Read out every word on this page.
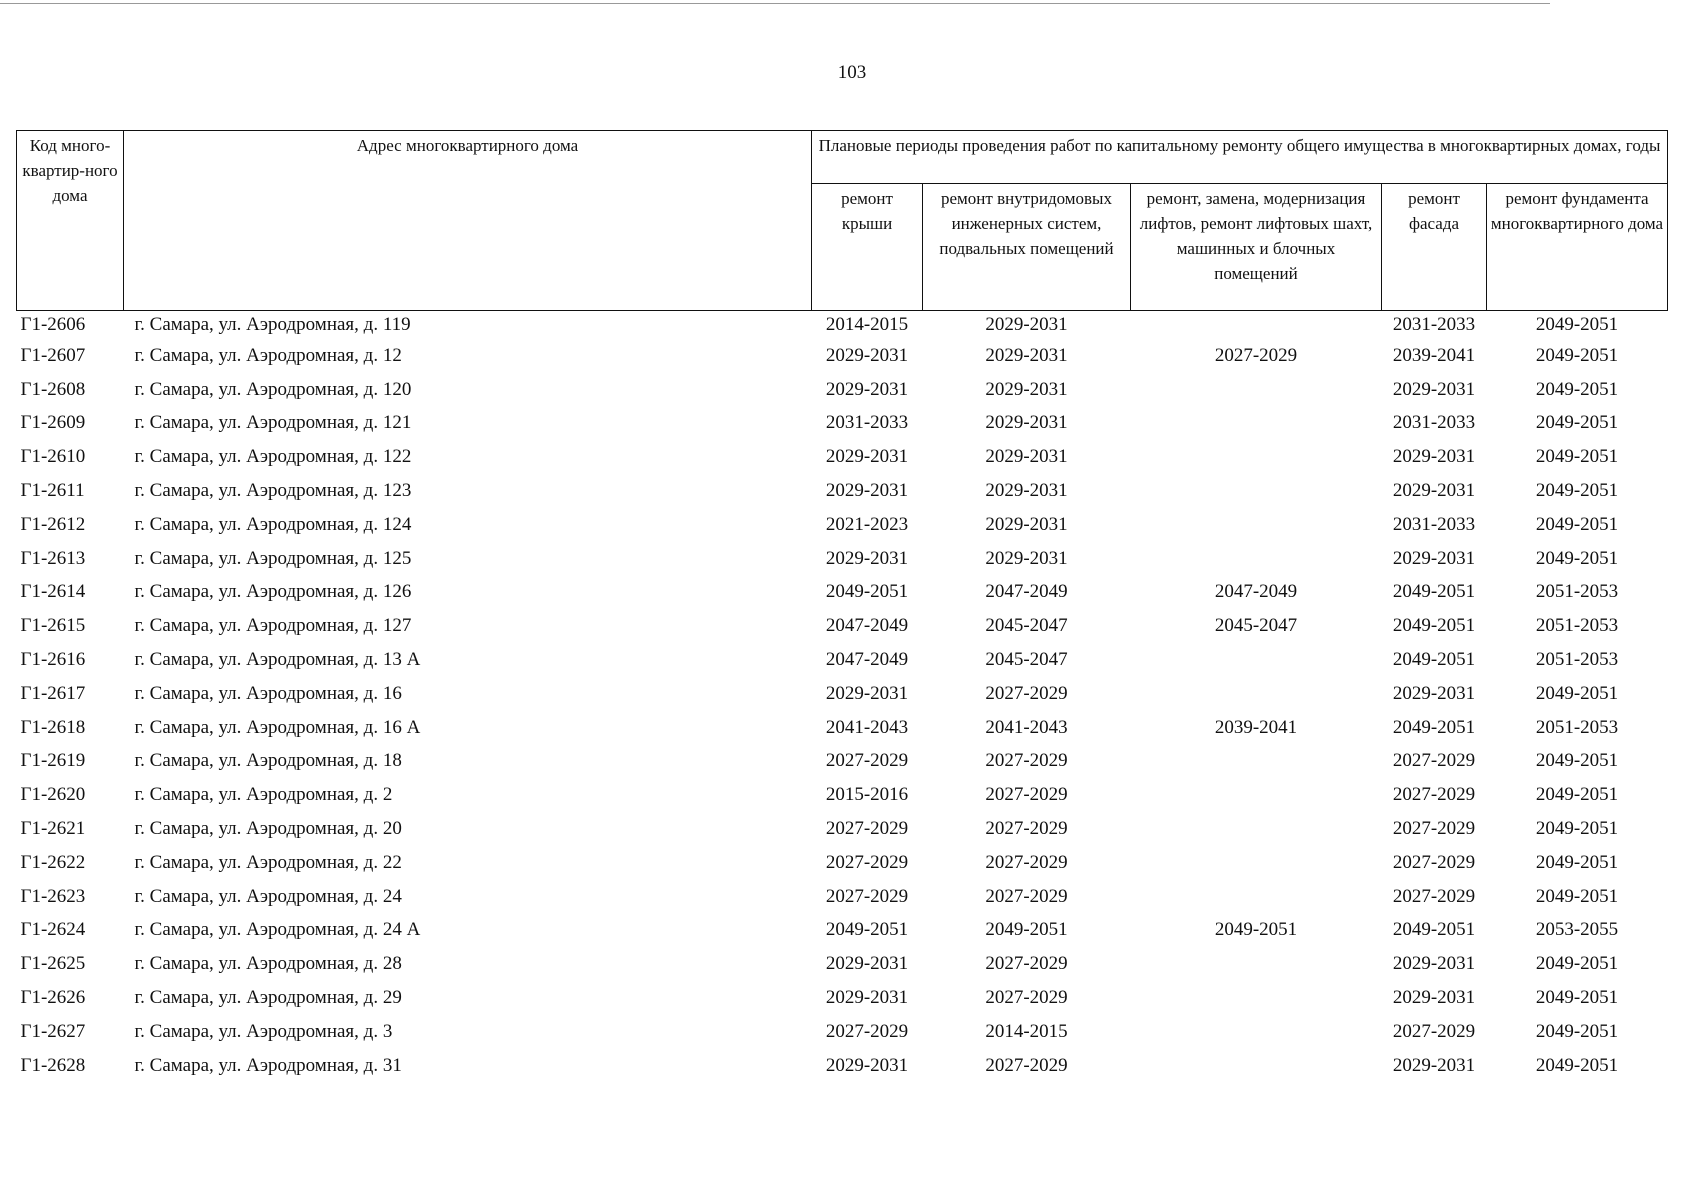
103
Код много-квартир-ного дома	Адрес многоквартирного дома	Плановые периоды проведения работ по капитальному ремонту общего имущества в многоквартирных домах, годы				
		ремонт крыши	ремонт внутридомовых инженерных систем, подвальных помещений	ремонт, замена, модернизация лифтов, ремонт лифтовых шахт, машинных и блочных помещений	ремонт фасада	ремонт фундамента многоквартирного дома
Г1-2606	г. Самара, ул. Аэродромная, д. 119	2014-2015	2029-2031		2031-2033	2049-2051
Г1-2607	г. Самара, ул. Аэродромная, д. 12	2029-2031	2029-2031	2027-2029	2039-2041	2049-2051
Г1-2608	г. Самара, ул. Аэродромная, д. 120	2029-2031	2029-2031		2029-2031	2049-2051
Г1-2609	г. Самара, ул. Аэродромная, д. 121	2031-2033	2029-2031		2031-2033	2049-2051
Г1-2610	г. Самара, ул. Аэродромная, д. 122	2029-2031	2029-2031		2029-2031	2049-2051
Г1-2611	г. Самара, ул. Аэродромная, д. 123	2029-2031	2029-2031		2029-2031	2049-2051
Г1-2612	г. Самара, ул. Аэродромная, д. 124	2021-2023	2029-2031		2031-2033	2049-2051
Г1-2613	г. Самара, ул. Аэродромная, д. 125	2029-2031	2029-2031		2029-2031	2049-2051
Г1-2614	г. Самара, ул. Аэродромная, д. 126	2049-2051	2047-2049	2047-2049	2049-2051	2051-2053
Г1-2615	г. Самара, ул. Аэродромная, д. 127	2047-2049	2045-2047	2045-2047	2049-2051	2051-2053
Г1-2616	г. Самара, ул. Аэродромная, д. 13 А	2047-2049	2045-2047		2049-2051	2051-2053
Г1-2617	г. Самара, ул. Аэродромная, д. 16	2029-2031	2027-2029		2029-2031	2049-2051
Г1-2618	г. Самара, ул. Аэродромная, д. 16 А	2041-2043	2041-2043	2039-2041	2049-2051	2051-2053
Г1-2619	г. Самара, ул. Аэродромная, д. 18	2027-2029	2027-2029		2027-2029	2049-2051
Г1-2620	г. Самара, ул. Аэродромная, д. 2	2015-2016	2027-2029		2027-2029	2049-2051
Г1-2621	г. Самара, ул. Аэродромная, д. 20	2027-2029	2027-2029		2027-2029	2049-2051
Г1-2622	г. Самара, ул. Аэродромная, д. 22	2027-2029	2027-2029		2027-2029	2049-2051
Г1-2623	г. Самара, ул. Аэродромная, д. 24	2027-2029	2027-2029		2027-2029	2049-2051
Г1-2624	г. Самара, ул. Аэродромная, д. 24 А	2049-2051	2049-2051	2049-2051	2049-2051	2053-2055
Г1-2625	г. Самара, ул. Аэродромная, д. 28	2029-2031	2027-2029		2029-2031	2049-2051
Г1-2626	г. Самара, ул. Аэродромная, д. 29	2029-2031	2027-2029		2029-2031	2049-2051
Г1-2627	г. Самара, ул. Аэродромная, д. 3	2027-2029	2014-2015		2027-2029	2049-2051
Г1-2628	г. Самара, ул. Аэродромная, д. 31	2029-2031	2027-2029		2029-2031	2049-2051
